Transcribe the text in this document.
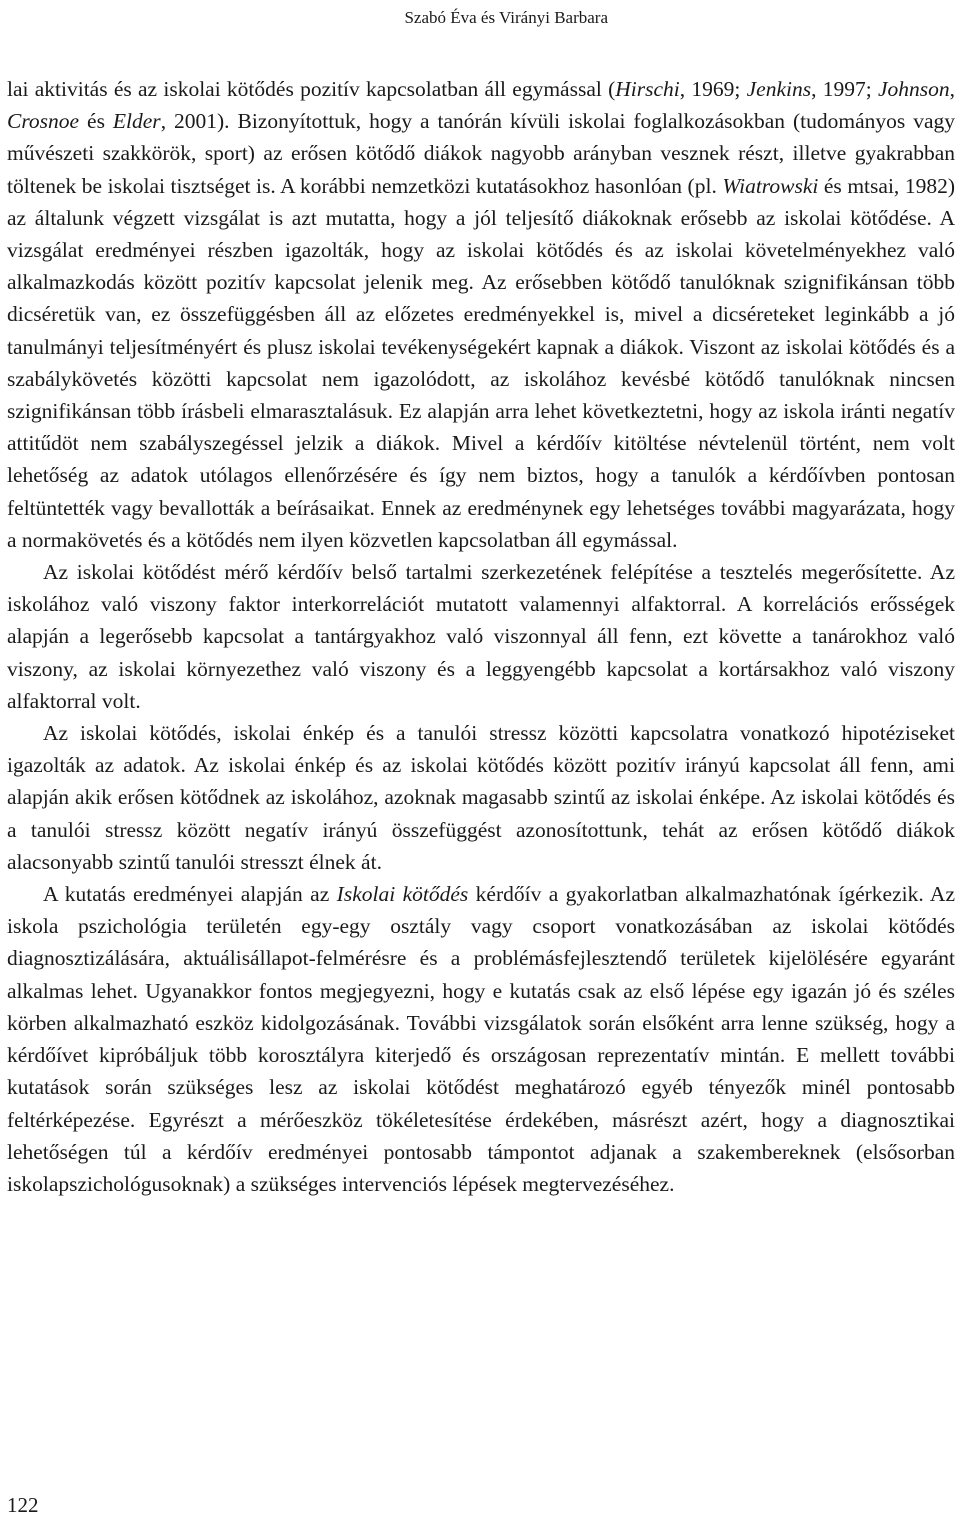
Szabó Éva és Virányi Barbara

lai aktivitás és az iskolai kötődés pozitív kapcsolatban áll egymással (Hirschi, 1969; Jenkins, 1997; Johnson, Crosnoe és Elder, 2001). Bizonyítottuk, hogy a tanórán kívüli iskolai foglalkozásokban (tudományos vagy művészeti szakkörök, sport) az erősen kötődő diákok nagyobb arányban vesznek részt, illetve gyakrabban töltenek be iskolai tisztséget is. A korábbi nemzetközi kutatásokhoz hasonlóan (pl. Wiatrowski és mtsai, 1982) az általunk végzett vizsgálat is azt mutatta, hogy a jól teljesítő diákoknak erősebb az iskolai kötődése. A vizsgálat eredményei részben igazolták, hogy az iskolai kötődés és az iskolai követelményekhez való alkalmazkodás között pozitív kapcsolat jelenik meg. Az erősebben kötődő tanulóknak szignifikánsan több dicséretük van, ez összefüggésben áll az előzetes eredményekkel is, mivel a dicséreteket leginkább a jó tanulmányi teljesítményért és plusz iskolai tevékenységekért kapnak a diákok. Viszont az iskolai kötődés és a szabálykövetés közötti kapcsolat nem igazolódott, az iskolához kevésbé kötődő tanulóknak nincsen szignifikánsan több írásbeli elmarasztalásuk. Ez alapján arra lehet következtetni, hogy az iskola iránti negatív attitűdöt nem szabályszegéssel jelzik a diákok. Mivel a kérdőív kitöltése névtelenül történt, nem volt lehetőség az adatok utólagos ellenőrzésére és így nem biztos, hogy a tanulók a kérdőívben pontosan feltüntették vagy bevallották a beírásaikat. Ennek az eredménynek egy lehetséges további magyarázata, hogy a normakövetés és a kötődés nem ilyen közvetlen kapcsolatban áll egymással.

Az iskolai kötődést mérő kérdőív belső tartalmi szerkezetének felépítése a tesztelés megerősítette. Az iskolához való viszony faktor interkorrelációt mutatott valamennyi alfaktorral. A korrelációs erősségek alapján a legerősebb kapcsolat a tantárgyakhoz való viszonnyal áll fenn, ezt követte a tanárokhoz való viszony, az iskolai környezethez való viszony és a leggyengébb kapcsolat a kortársakhoz való viszony alfaktorral volt.

Az iskolai kötődés, iskolai énkép és a tanulói stressz közötti kapcsolatra vonatkozó hipotéziseket igazolták az adatok. Az iskolai énkép és az iskolai kötődés között pozitív irányú kapcsolat áll fenn, ami alapján akik erősen kötődnek az iskolához, azoknak magasabb szintű az iskolai énképe. Az iskolai kötődés és a tanulói stressz között negatív irányú összefüggést azonosítottunk, tehát az erősen kötődő diákok alacsonyabb szintű tanulói stresszt élnek át.

A kutatás eredményei alapján az Iskolai kötődés kérdőív a gyakorlatban alkalmazhatónak ígérkezik. Az iskola pszichológia területén egy-egy osztály vagy csoport vonatkozásában az iskolai kötődés diagnosztizálására, aktuálisállapot-felmérésre és a problémásfejlesztendő területek kijelölésére egyaránt alkalmas lehet. Ugyanakkor fontos megjegyezni, hogy e kutatás csak az első lépése egy igazán jó és széles körben alkalmazható eszköz kidolgozásának. További vizsgálatok során elsőként arra lenne szükség, hogy a kérdőívet kipróbáljuk több korosztályra kiterjedő és országosan reprezentatív mintán. E mellett további kutatások során szükséges lesz az iskolai kötődést meghatározó egyéb tényezők minél pontosabb feltérképezése. Egyrészt a mérőeszköz tökéletesítése érdekében, másrészt azért, hogy a diagnosztikai lehetőségen túl a kérdőív eredményei pontosabb támpontot adjanak a szakembereknek (elsősorban iskolapszichológusoknak) a szükséges intervenciós lépések megtervezéséhez.

122
